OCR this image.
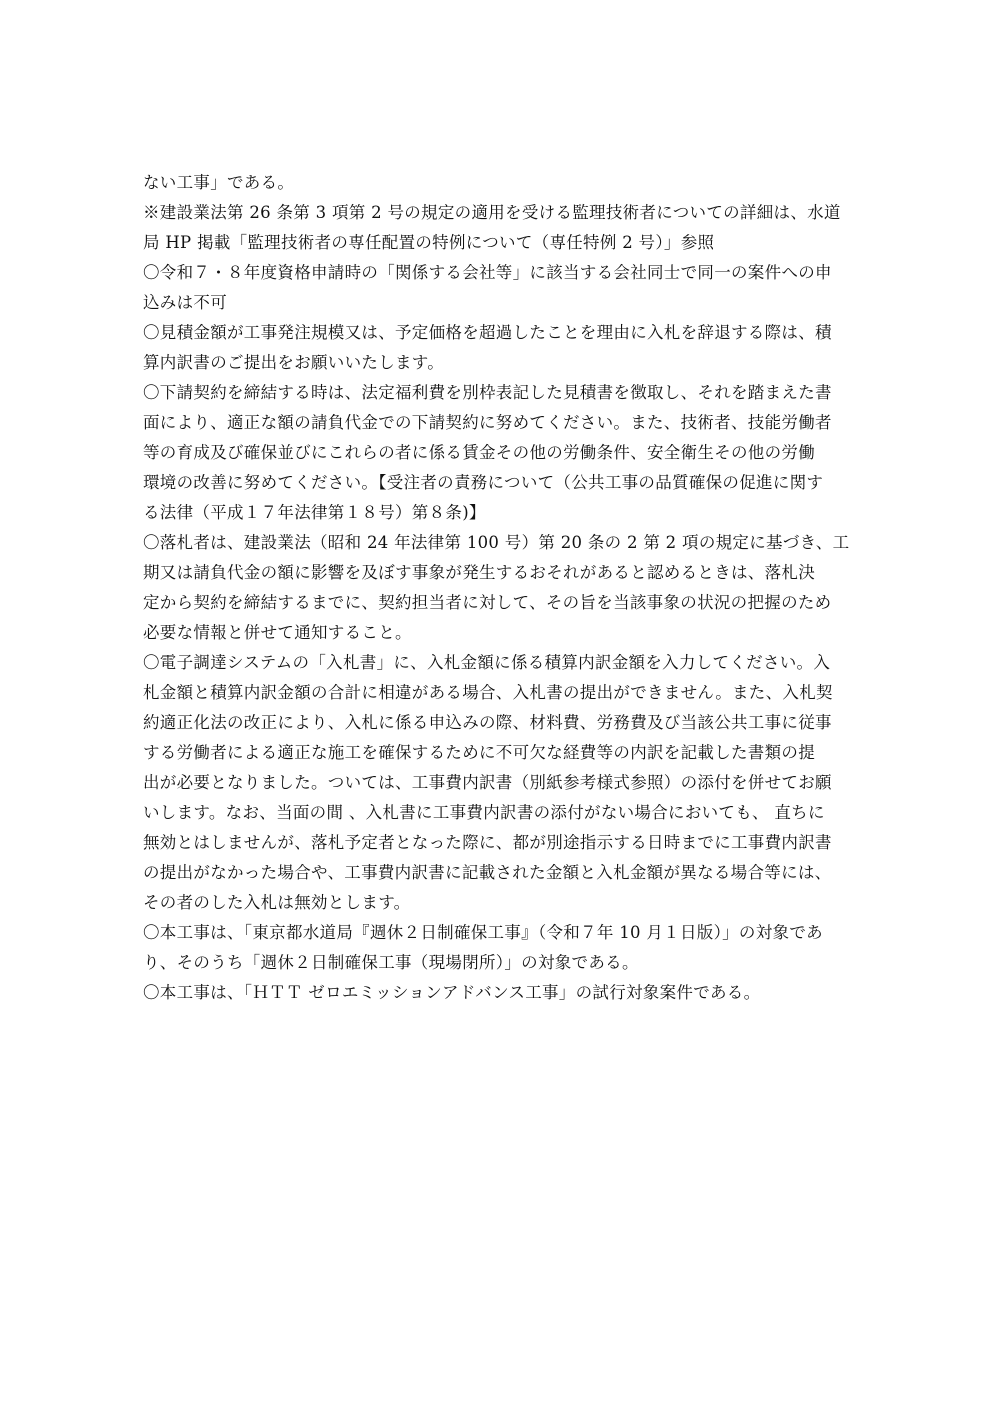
ない工事」である。
※建設業法第 26 条第 3 項第 2 号の規定の適用を受ける監理技術者についての詳細は、水道
局 HP 掲載「監理技術者の専任配置の特例について（専任特例 2 号）」参照
〇令和７・８年度資格申請時の「関係する会社等」に該当する会社同士で同一の案件への申
込みは不可
〇見積金額が工事発注規模又は、予定価格を超過したことを理由に入札を辞退する際は、積
算内訳書のご提出をお願いいたします。
〇下請契約を締結する時は、法定福利費を別枠表記した見積書を徴取し、それを踏まえた書
面により、適正な額の請負代金での下請契約に努めてください。また、技術者、技能労働者
等の育成及び確保並びにこれらの者に係る賃金その他の労働条件、安全衛生その他の労働
環境の改善に努めてください。【受注者の責務について（公共工事の品質確保の促進に関す
る法律（平成１７年法律第１８号）第８条)】
〇落札者は、建設業法（昭和 24 年法律第 100 号）第 20 条の 2 第 2 項の規定に基づき、工
期又は請負代金の額に影響を及ぼす事象が発生するおそれがあると認めるときは、落札決
定から契約を締結するまでに、契約担当者に対して、その旨を当該事象の状況の把握のため
必要な情報と併せて通知すること。
〇電子調達システムの「入札書」に、入札金額に係る積算内訳金額を入力してください。入
札金額と積算内訳金額の合計に相違がある場合、入札書の提出ができません。また、入札契
約適正化法の改正により、入札に係る申込みの際、材料費、労務費及び当該公共工事に従事
する労働者による適正な施工を確保するために不可欠な経費等の内訳を記載した書類の提
出が必要となりました。ついては、工事費内訳書（別紙参考様式参照）の添付を併せてお願
いします。なお、当面の間 、入札書に工事費内訳書の添付がない場合においても、 直ちに
無効とはしませんが、落札予定者となった際に、都が別途指示する日時までに工事費内訳書
の提出がなかった場合や、工事費内訳書に記載された金額と入札金額が異なる場合等には、
その者のした入札は無効とします。
〇本工事は、「東京都水道局『週休２日制確保工事』（令和７年 10 月１日版）」の対象であ
り、そのうち「週休２日制確保工事（現場閉所）」の対象である。
〇本工事は、「ＨＴＴ ゼロエミッションアドバンス工事」の試行対象案件である。
